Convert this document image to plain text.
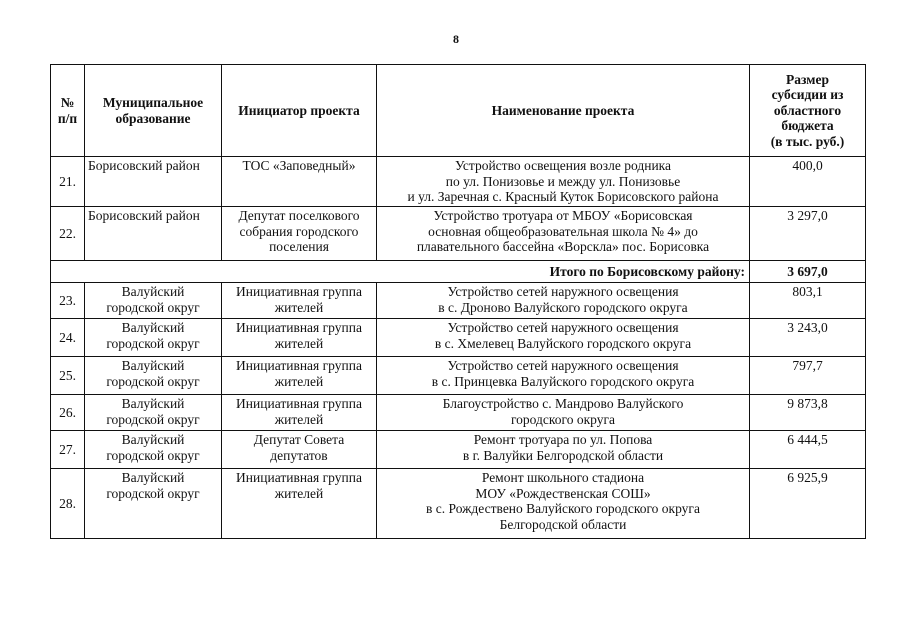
8
№
п/п	Муниципальное
образование	Инициатор проекта	Наименование проекта	Размер
субсидии из
областного
бюджета
(в тыс. руб.)

21.	Борисовский район	ТОС «Заповедный»	Устройство освещения возле родника
по ул. Понизовье и между ул. Понизовье
и ул. Заречная с. Красный Куток Борисовского района	400,0
22.	Борисовский район	Депутат поселкового
собрания городского
поселения	Устройство тротуара от МБОУ «Борисовская
основная общеобразовательная школа № 4» до
плавательного бассейна «Ворскла» пос. Борисовка	3 297,0
Итого по Борисовскому району:				3 697,0
23.	Валуйский
городской округ	Инициативная группа
жителей	Устройство сетей наружного освещения
в с. Дроново Валуйского городского округа	803,1
24.	Валуйский
городской округ	Инициативная группа
жителей	Устройство сетей наружного освещения
в с. Хмелевец Валуйского городского округа	3 243,0
25.	Валуйский
городской округ	Инициативная группа
жителей	Устройство сетей наружного освещения
в с. Принцевка Валуйского городского округа	797,7
26.	Валуйский
городской округ	Инициативная группа
жителей	Благоустройство с. Мандрово Валуйского
городского округа	9 873,8
27.	Валуйский
городской округ	Депутат Совета
депутатов	Ремонт тротуара по ул. Попова
в г. Валуйки Белгородской области	6 444,5
28.	Валуйский
городской округ	Инициативная группа
жителей	Ремонт школьного стадиона
МОУ «Рождественская СОШ»
в с. Рождествено Валуйского городского округа
Белгородской области	6 925,9
